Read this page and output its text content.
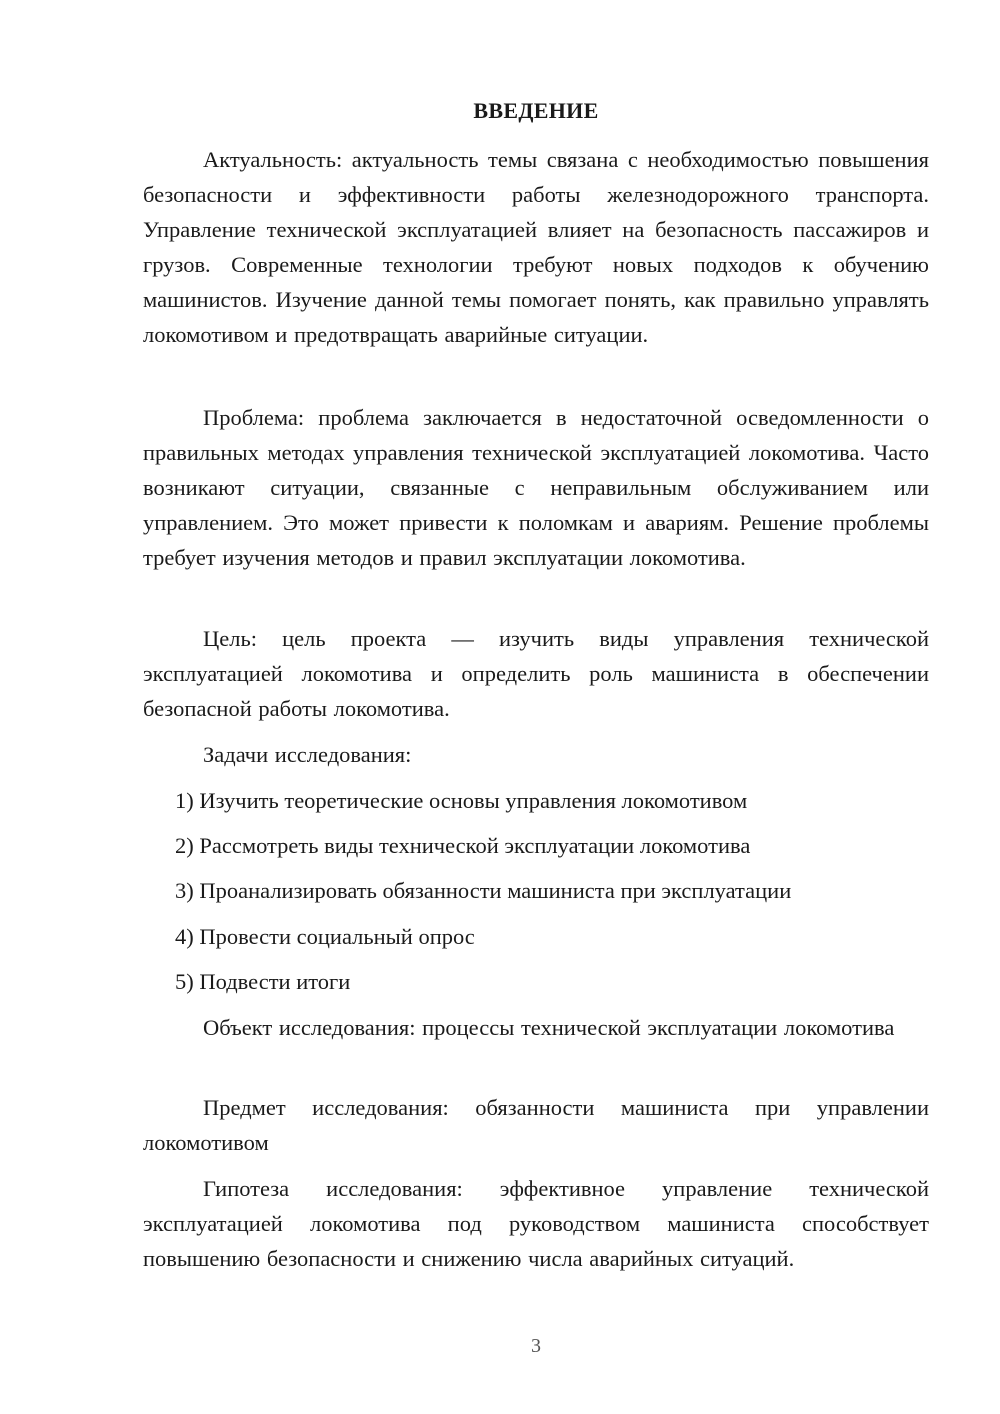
ВВЕДЕНИЕ

Актуальность: актуальность темы связана с необходимостью повышения безопасности и эффективности работы железнодорожного транспорта. Управление технической эксплуатацией влияет на безопасность пассажиров и грузов. Современные технологии требуют новых подходов к обучению машинистов. Изучение данной темы помогает понять, как правильно управлять локомотивом и предотвращать аварийные ситуации.

Проблема: проблема заключается в недостаточной осведомленности о правильных методах управления технической эксплуатацией локомотива. Часто возникают ситуации, связанные с неправильным обслуживанием или управлением. Это может привести к поломкам и авариям. Решение проблемы требует изучения методов и правил эксплуатации локомотива.

Цель: цель проекта — изучить виды управления технической эксплуатацией локомотива и определить роль машиниста в обеспечении безопасной работы локомотива.

Задачи исследования:

1) Изучить теоретические основы управления локомотивом

2) Рассмотреть виды технической эксплуатации локомотива

3) Проанализировать обязанности машиниста при эксплуатации

4) Провести социальный опрос

5) Подвести итоги

Объект исследования: процессы технической эксплуатации локомотива

Предмет исследования: обязанности машиниста при управлении локомотивом

Гипотеза исследования: эффективное управление технической эксплуатацией локомотива под руководством машиниста способствует повышению безопасности и снижению числа аварийных ситуаций.

3
